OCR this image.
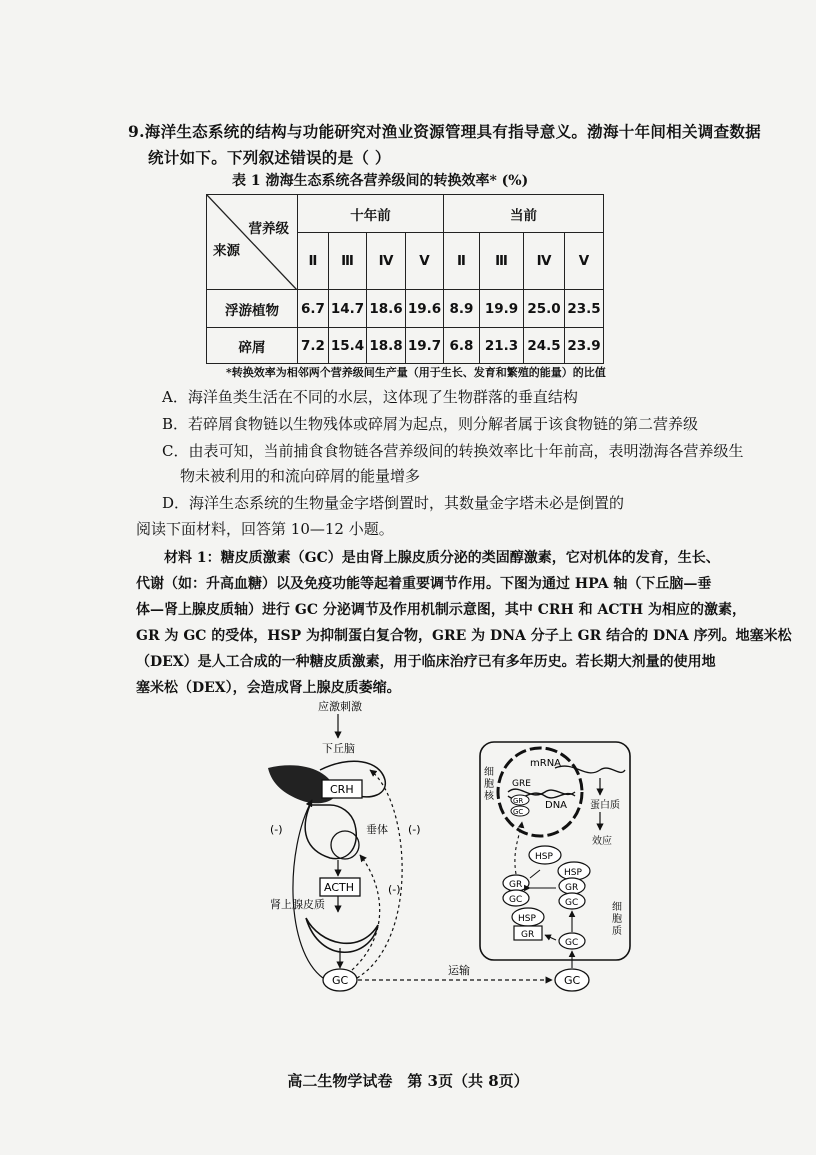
9.海洋生态系统的结构与功能研究对渔业资源管理具有指导意义。渤海十年间相关调查数据
统计如下。下列叙述错误的是（ ）
表 1 渤海生态系统各营养级间的转换效率* (%)
营养级
来源	十年前				当前			
	Ⅱ	Ⅲ	Ⅳ	Ⅴ	Ⅱ	Ⅲ	Ⅳ	Ⅴ
浮游植物	6.7	14.7	18.6	19.6	8.9	19.9	25.0	23.5
碎屑	7.2	15.4	18.8	19.7	6.8	21.3	24.5	23.9
*转换效率为相邻两个营养级间生产量（用于生长、发育和繁殖的能量）的比值
A．海洋鱼类生活在不同的水层，这体现了生物群落的垂直结构
B．若碎屑食物链以生物残体或碎屑为起点，则分解者属于该食物链的第二营养级
C．由表可知，当前捕食食物链各营养级间的转换效率比十年前高，表明渤海各营养级生
物未被利用的和流向碎屑的能量增多
D．海洋生态系统的生物量金字塔倒置时，其数量金字塔未必是倒置的
阅读下面材料，回答第 10—12 小题。
材料 1：糖皮质激素（GC）是由肾上腺皮质分泌的类固醇激素，它对机体的发育，生长、
代谢（如：升高血糖）以及免疫功能等起着重要调节作用。下图为通过 HPA 轴（下丘脑—垂
体—肾上腺皮质轴）进行 GC 分泌调节及作用机制示意图，其中 CRH 和 ACTH 为相应的激素，
GR 为 GC 的受体，HSP 为抑制蛋白复合物，GRE 为 DNA 分子上 GR 结合的 DNA 序列。地塞米松
（DEX）是人工合成的一种糖皮质激素，用于临床治疗已有多年历史。若长期大剂量的使用地
塞米松（DEX），会造成肾上腺皮质萎缩。
应激刺激
下丘脑
CRH
垂体
ACTH
肾上腺皮质
GC
(-)	(-)
(-)
运输
细
胞
质
细
胞
核
mRNA
GRE
DNA
GR
GC
蛋白质
效应
HSP
HSP
GR
GC
GR
GC
HSP
GR
GC
GC
高二生物学试卷　第 3页（共 8页）
